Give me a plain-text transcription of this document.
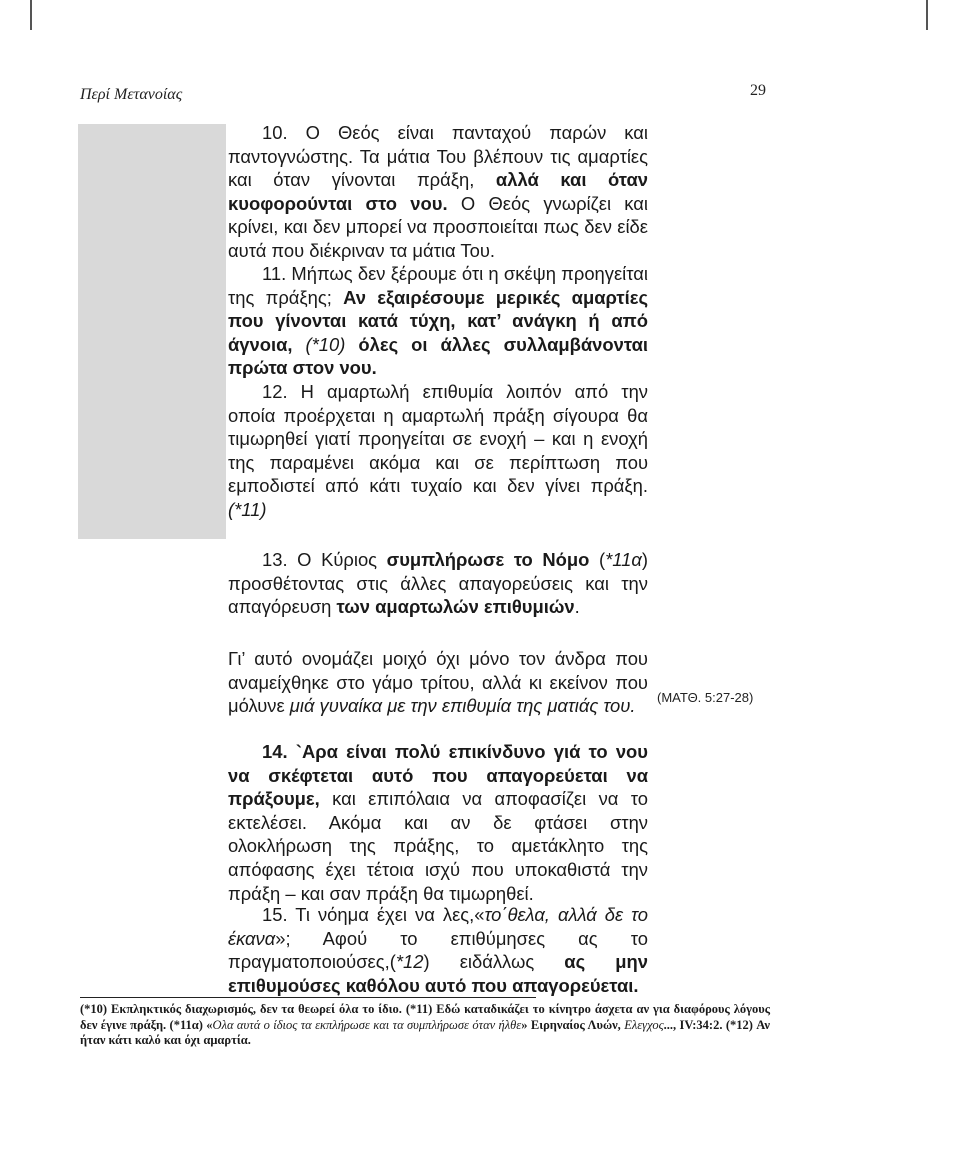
Περί Μετανοίας	29

10. Ο Θεός είναι πανταχού παρών και παντογνώστης. Τα μάτια Του βλέπουν τις αμαρτίες και όταν γίνονται πράξη, αλλά και όταν κυοφορούνται στο νου. Ο Θεός γνωρίζει και κρίνει, και δεν μπορεί να προσποιείται πως δεν είδε αυτά που διέκριναν τα μάτια Του.

11. Μήπως δεν ξέρουμε ότι η σκέψη προηγείται της πράξης; Αν εξαιρέσουμε μερικές αμαρτίες που γίνονται κατά τύχη, κατ’ ανάγκη ή από άγνοια, (*10) όλες οι άλλες συλλαμβάνονται πρώτα στον νου.

12. Η αμαρτωλή επιθυμία λοιπόν από την οποία προέρχεται η αμαρτωλή πράξη σίγουρα θα τιμωρηθεί γιατί προηγείται σε ενοχή – και η ενοχή της παραμένει ακόμα και σε περίπτωση που εμποδιστεί από κάτι τυχαίο και δεν γίνει πράξη. (*11)

13. Ο Κύριος συμπλήρωσε το Νόμο (*11α) προσθέτοντας στις άλλες απαγορεύσεις και την απαγόρευση των αμαρτωλών επιθυμιών.

Γι’ αυτό ονομάζει μοιχό όχι μόνο τον άνδρα που αναμείχθηκε στο γάμο τρίτου, αλλά κι εκείνον που μόλυνε μιά γυναίκα με την επιθυμία της ματιάς του.

14. `Αρα είναι πολύ επικίνδυνο γιά το νου να σκέφτεται αυτό που απαγορεύεται να πράξουμε, και επιπόλαια να αποφασίζει να το εκτελέσει. Ακόμα και αν δε φτάσει στην ολοκλήρωση της πράξης, το αμετάκλητο της απόφασης έχει τέτοια ισχύ που υποκαθιστά την πράξη – και σαν πράξη θα τιμωρηθεί.

15. Τι νόημα έχει να λες,«το΄θελα, αλλά δε το έκανα»; Αφού το επιθύμησες ας το πραγματοποιούσες,(*12) ειδάλλως ας μην επιθυμούσες καθόλου αυτό που απαγορεύεται.

(ΜΑΤΘ. 5:27-28)

(*10) Εκπληκτικός διαχωρισμός, δεν τα θεωρεί όλα το ίδιο. (*11) Εδώ καταδικάζει το κίνητρο άσχετα αν για διαφόρους λόγους δεν έγινε πράξη. (*11α) «Ολα αυτά ο ίδιος τα εκπλήρωσε και τα συμπλήρωσε όταν ήλθε» Ειρηναίος Λυών, Ελεγχος..., IV:34:2. (*12) Αν ήταν κάτι καλό και όχι αμαρτία.
